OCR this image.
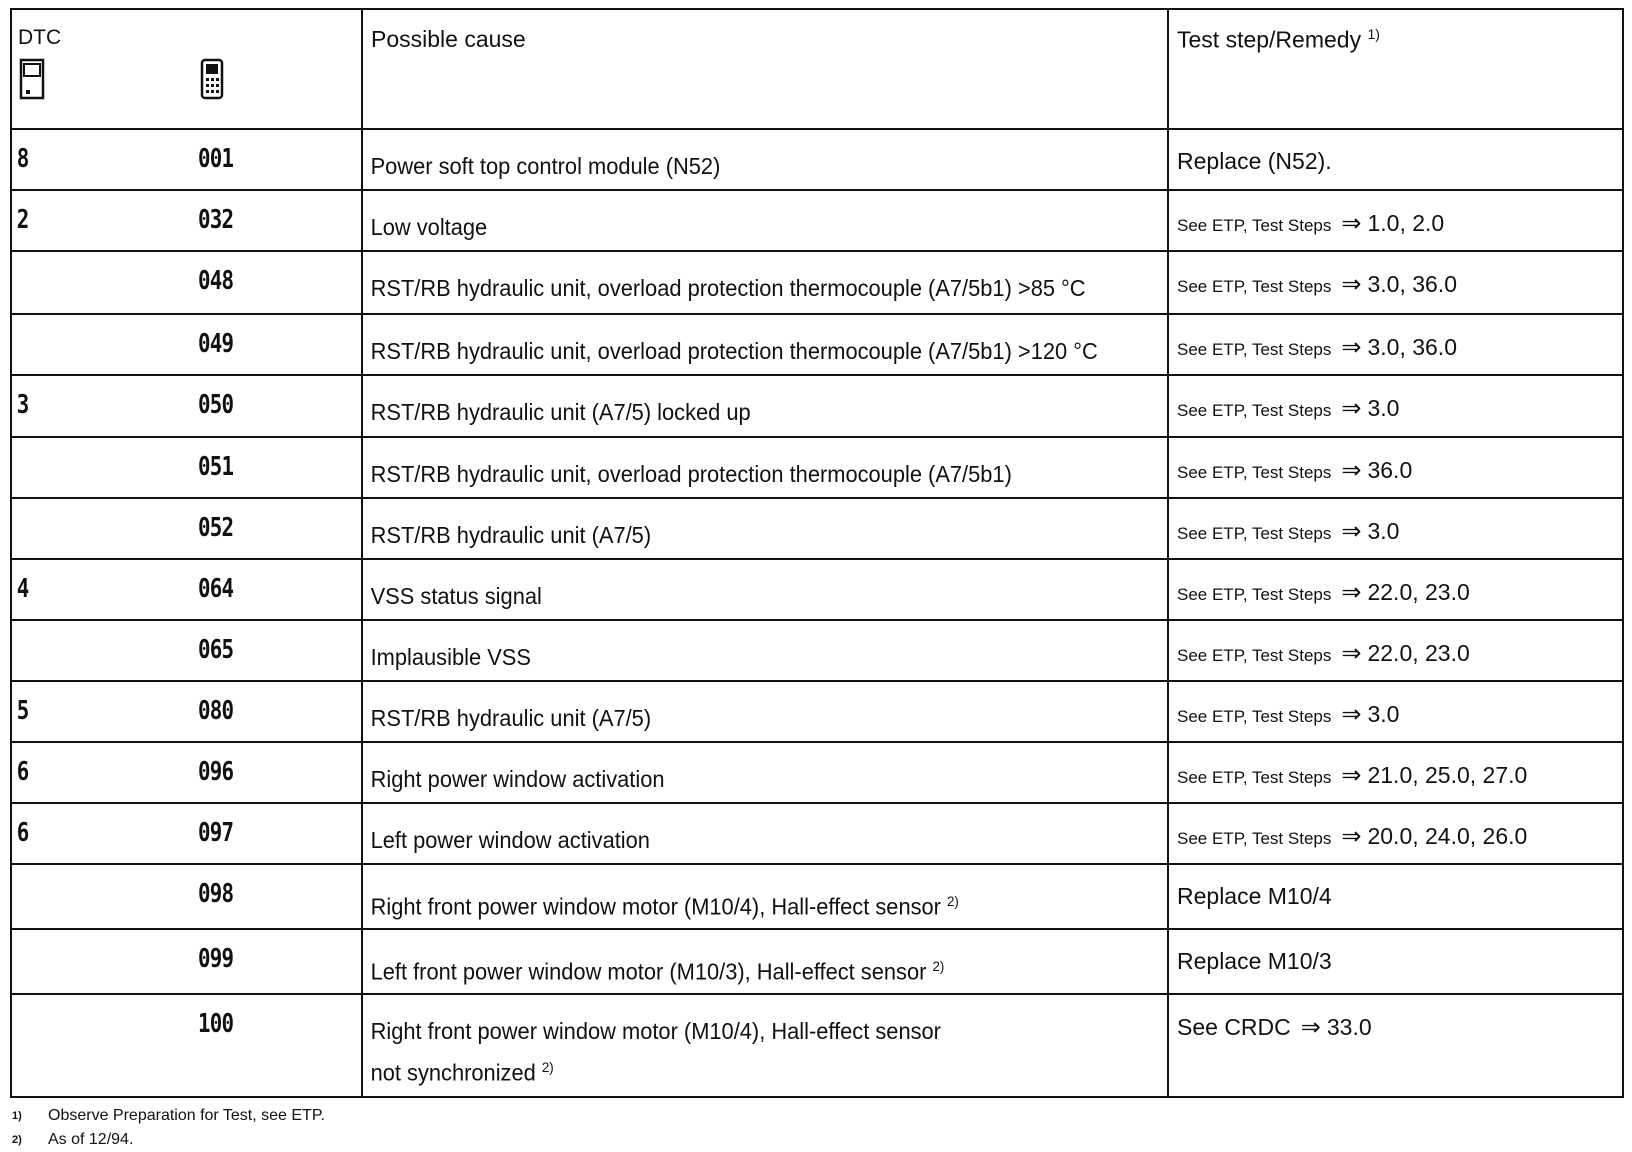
DTC	Possible cause	Test step/Remedy $^{1)}$

8 001	Power soft top control module (N52)	Replace (N52).

2 032	Low voltage	See ETP, Test Steps ⇒ 1.0, 2.0

048	RST/RB hydraulic unit, overload protection thermocouple (A7/5b1) >85 °C	See ETP, Test Steps ⇒ 3.0, 36.0

049	RST/RB hydraulic unit, overload protection thermocouple (A7/5b1) >120 °C	See ETP, Test Steps ⇒ 3.0, 36.0

3 050	RST/RB hydraulic unit (A7/5) locked up	See ETP, Test Steps ⇒ 3.0

051	RST/RB hydraulic unit, overload protection thermocouple (A7/5b1)	See ETP, Test Steps ⇒ 36.0

052	RST/RB hydraulic unit (A7/5)	See ETP, Test Steps ⇒ 3.0

4 064	VSS status signal	See ETP, Test Steps ⇒ 22.0, 23.0

065	Implausible VSS	See ETP, Test Steps ⇒ 22.0, 23.0

5 080	RST/RB hydraulic unit (A7/5)	See ETP, Test Steps ⇒ 3.0

6 096	Right power window activation	See ETP, Test Steps ⇒ 21.0, 25.0, 27.0

6 097	Left power window activation	See ETP, Test Steps ⇒ 20.0, 24.0, 26.0

098	Right front power window motor (M10/4), Hall-effect sensor $^{2)}$	Replace M10/4

099	Left front power window motor (M10/3), Hall-effect sensor $^{2)}$	Replace M10/3

100	Right front power window motor (M10/4), Hall-effect sensor not synchronized $^{2)}$	See CRDC ⇒ 33.0
1)	Observe Preparation for Test, see ETP.
2)	As of 12/94.
